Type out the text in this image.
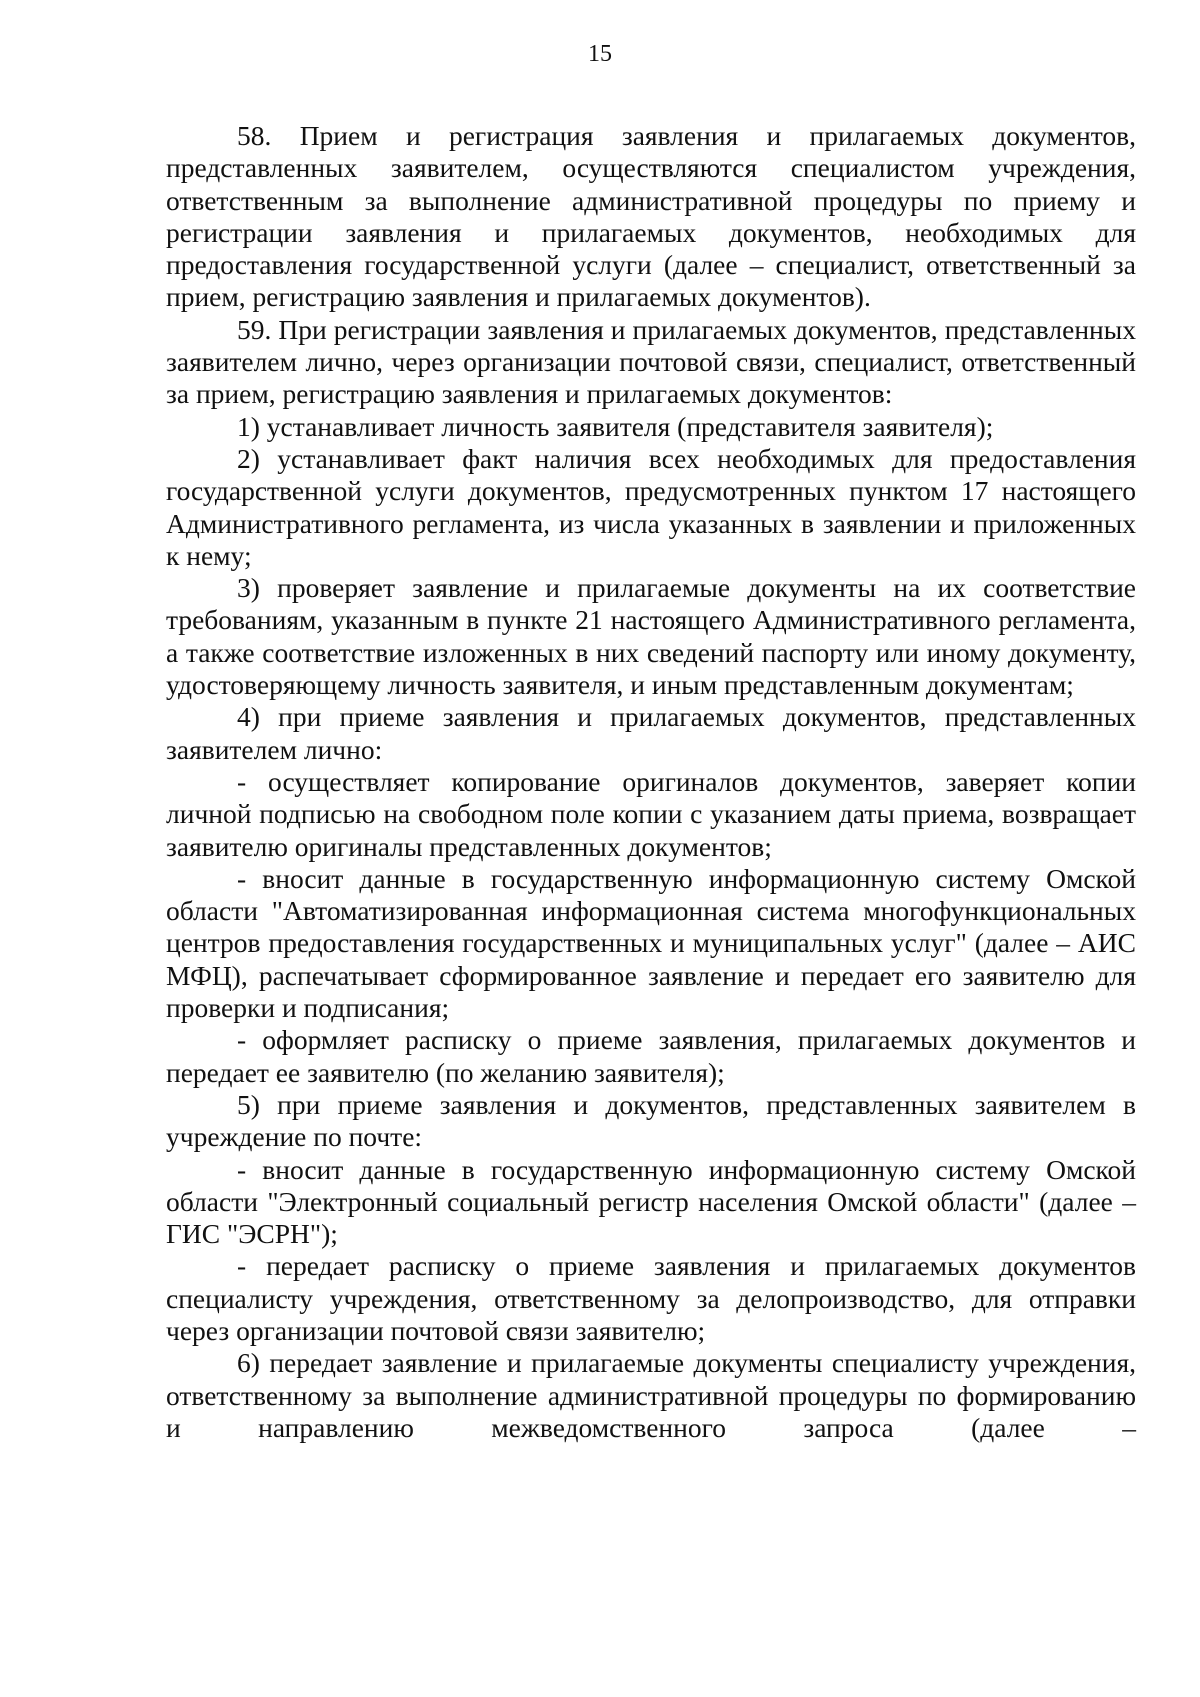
15

58. Прием и регистрация заявления и прилагаемых документов, представленных заявителем, осуществляются специалистом учреждения, ответственным за выполнение административной процедуры по приему и регистрации заявления и прилагаемых документов, необходимых для предоставления государственной услуги (далее – специалист, ответственный за прием, регистрацию заявления и прилагаемых документов).

59. При регистрации заявления и прилагаемых документов, представленных заявителем лично, через организации почтовой связи, специалист, ответственный за прием, регистрацию заявления и прилагаемых документов:

1) устанавливает личность заявителя (представителя заявителя);

2) устанавливает факт наличия всех необходимых для предоставления государственной услуги документов, предусмотренных пунктом 17 настоящего Административного регламента, из числа указанных в заявлении и приложенных к нему;

3) проверяет заявление и прилагаемые документы на их соответствие требованиям, указанным в пункте 21 настоящего Административного регламента, а также соответствие изложенных в них сведений паспорту или иному документу, удостоверяющему личность заявителя, и иным представленным документам;

4) при приеме заявления и прилагаемых документов, представленных заявителем лично:

- осуществляет копирование оригиналов документов, заверяет копии личной подписью на свободном поле копии с указанием даты приема, возвращает заявителю оригиналы представленных документов;

- вносит данные в государственную информационную систему Омской области "Автоматизированная информационная система многофункциональных центров предоставления государственных и муниципальных услуг" (далее – АИС МФЦ), распечатывает сформированное заявление и передает его заявителю для проверки и подписания;

- оформляет расписку о приеме заявления, прилагаемых документов и передает ее заявителю (по желанию заявителя);

5) при приеме заявления и документов, представленных заявителем в учреждение по почте:

- вносит данные в государственную информационную систему Омской области "Электронный социальный регистр населения Омской области" (далее – ГИС "ЭСРН");

- передает расписку о приеме заявления и прилагаемых документов специалисту учреждения, ответственному за делопроизводство, для отправки через организации почтовой связи заявителю;

6) передает заявление и прилагаемые документы специалисту учреждения, ответственному за выполнение административной процедуры по формированию и направлению межведомственного запроса (далее –
